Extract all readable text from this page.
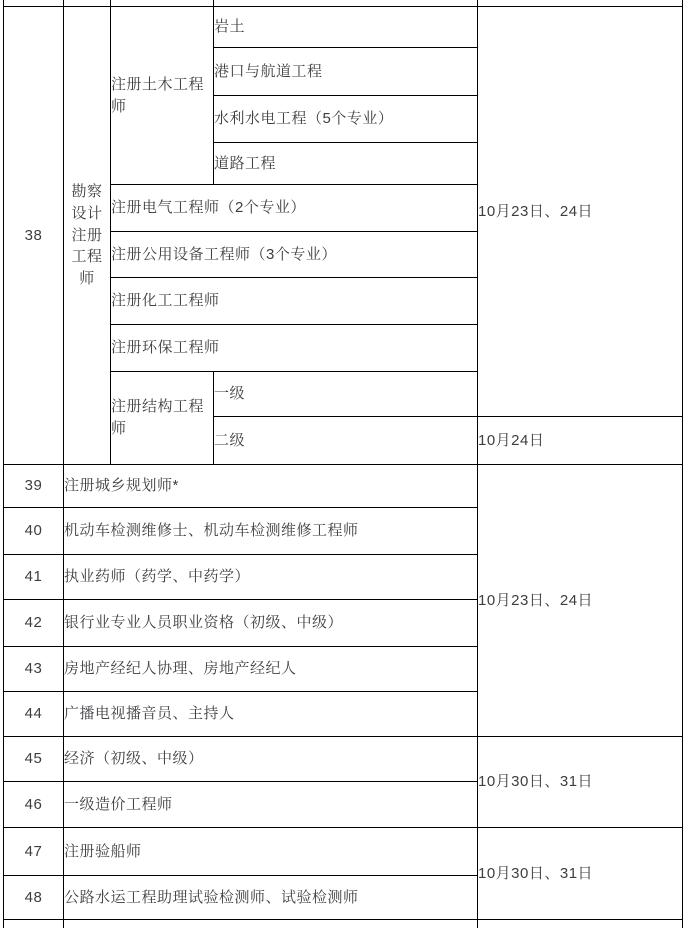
38	勘察设计注册工程师	注册土木工程师	岩土	10月23日、24日
			港口与航道工程	
			水利水电工程（5个专业）	
			道路工程	
		注册电气工程师（2个专业）		
		注册公用设备工程师（3个专业）		
		注册化工工程师		
		注册环保工程师		
		注册结构工程师	一级	
			二级	10月24日
39	注册城乡规划师*			10月23日、24日
40	机动车检测维修士、机动车检测维修工程师			
41	执业药师（药学、中药学）			
42	银行业专业人员职业资格（初级、中级）			
43	房地产经纪人协理、房地产经纪人			
44	广播电视播音员、主持人			
45	经济（初级、中级）			10月30日、31日
46	一级造价工程师			
47	注册验船师			10月30日、31日
48	公路水运工程助理试验检测师、试验检测师			
